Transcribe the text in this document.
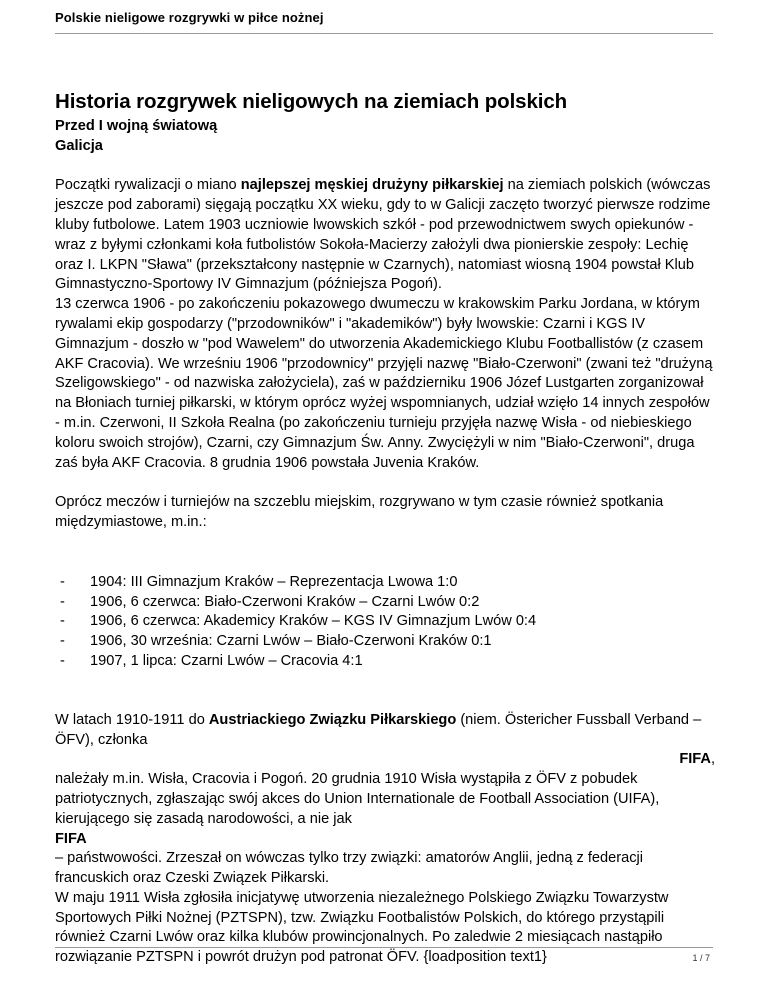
Polskie nieligowe rozgrywki w piłce nożnej
Historia rozgrywek nieligowych na ziemiach polskich
Przed I wojną światową
Galicja

Początki rywalizacji o miano najlepszej męskiej drużyny piłkarskiej na ziemiach polskich (wówczas jeszcze pod zaborami) sięgają początku XX wieku, gdy to w Galicji zaczęto tworzyć pierwsze rodzime kluby futbolowe. Latem 1903 uczniowie lwowskich szkół - pod przewodnictwem swych opiekunów - wraz z byłymi członkami koła futbolistów Sokoła-Macierzy założyli dwa pionierskie zespoły: Lechię oraz I. LKPN "Sława" (przekształcony następnie w Czarnych), natomiast wiosną 1904 powstał Klub Gimnastyczno-Sportowy IV Gimnazjum (późniejsza Pogoń).

13 czerwca 1906 - po zakończeniu pokazowego dwumeczu w krakowskim Parku Jordana, w którym rywalami ekip gospodarzy ("przodowników" i "akademików") były lwowskie: Czarni i KGS IV Gimnazjum - doszło w "pod Wawelem" do utworzenia Akademickiego Klubu Footballistów (z czasem AKF Cracovia). We wrześniu 1906 "przodownicy" przyjęli nazwę "Biało-Czerwoni" (zwani też "drużyną Szeligowskiego" - od nazwiska założyciela), zaś w październiku 1906 Józef Lustgarten zorganizował na Błoniach turniej piłkarski, w którym oprócz wyżej wspomnianych, udział wzięło 14 innych zespołów - m.in. Czerwoni, II Szkoła Realna (po zakończeniu turnieju przyjęła nazwę Wisła - od niebieskiego koloru swoich strojów), Czarni, czy Gimnazjum Św. Anny. Zwyciężyli w nim "Biało-Czerwoni", druga zaś była AKF Cracovia. 8 grudnia 1906 powstała Juvenia Kraków.

Oprócz meczów i turniejów na szczeblu miejskim, rozgrywano w tym czasie również spotkania międzymiastowe, m.in.:

- 1904: III Gimnazjum Kraków – Reprezentacja Lwowa 1:0
- 1906, 6 czerwca: Biało-Czerwoni Kraków – Czarni Lwów 0:2
- 1906, 6 czerwca: Akademicy Kraków – KGS IV Gimnazjum Lwów 0:4
- 1906, 30 września: Czarni Lwów – Biało-Czerwoni Kraków 0:1
- 1907, 1 lipca: Czarni Lwów – Cracovia 4:1

W latach 1910-1911 do Austriackiego Związku Piłkarskiego (niem. Östericher Fussball Verband – ÖFV), członka

FIFA,

należały m.in. Wisła, Cracovia i Pogoń. 20 grudnia 1910 Wisła wystąpiła z ÖFV z pobudek patriotycznych, zgłaszając swój akces do Union Internationale de Football Association (UIFA), kierującego się zasadą narodowości, a nie jak

FIFA

– państwowości. Zrzeszał on wówczas tylko trzy związki: amatorów Anglii, jedną z federacji francuskich oraz Czeski Związek Piłkarski.

W maju 1911 Wisła zgłosiła inicjatywę utworzenia niezależnego Polskiego Związku Towarzystw Sportowych Piłki Nożnej (PZTSPN), tzw. Związku Footbalistów Polskich, do którego przystąpili również Czarni Lwów oraz kilka klubów prowincjonalnych. Po zaledwie 2 miesiącach nastąpiło rozwiązanie PZTSPN i powrót drużyn pod patronat ÖFV. {loadposition text1}	1 / 7
